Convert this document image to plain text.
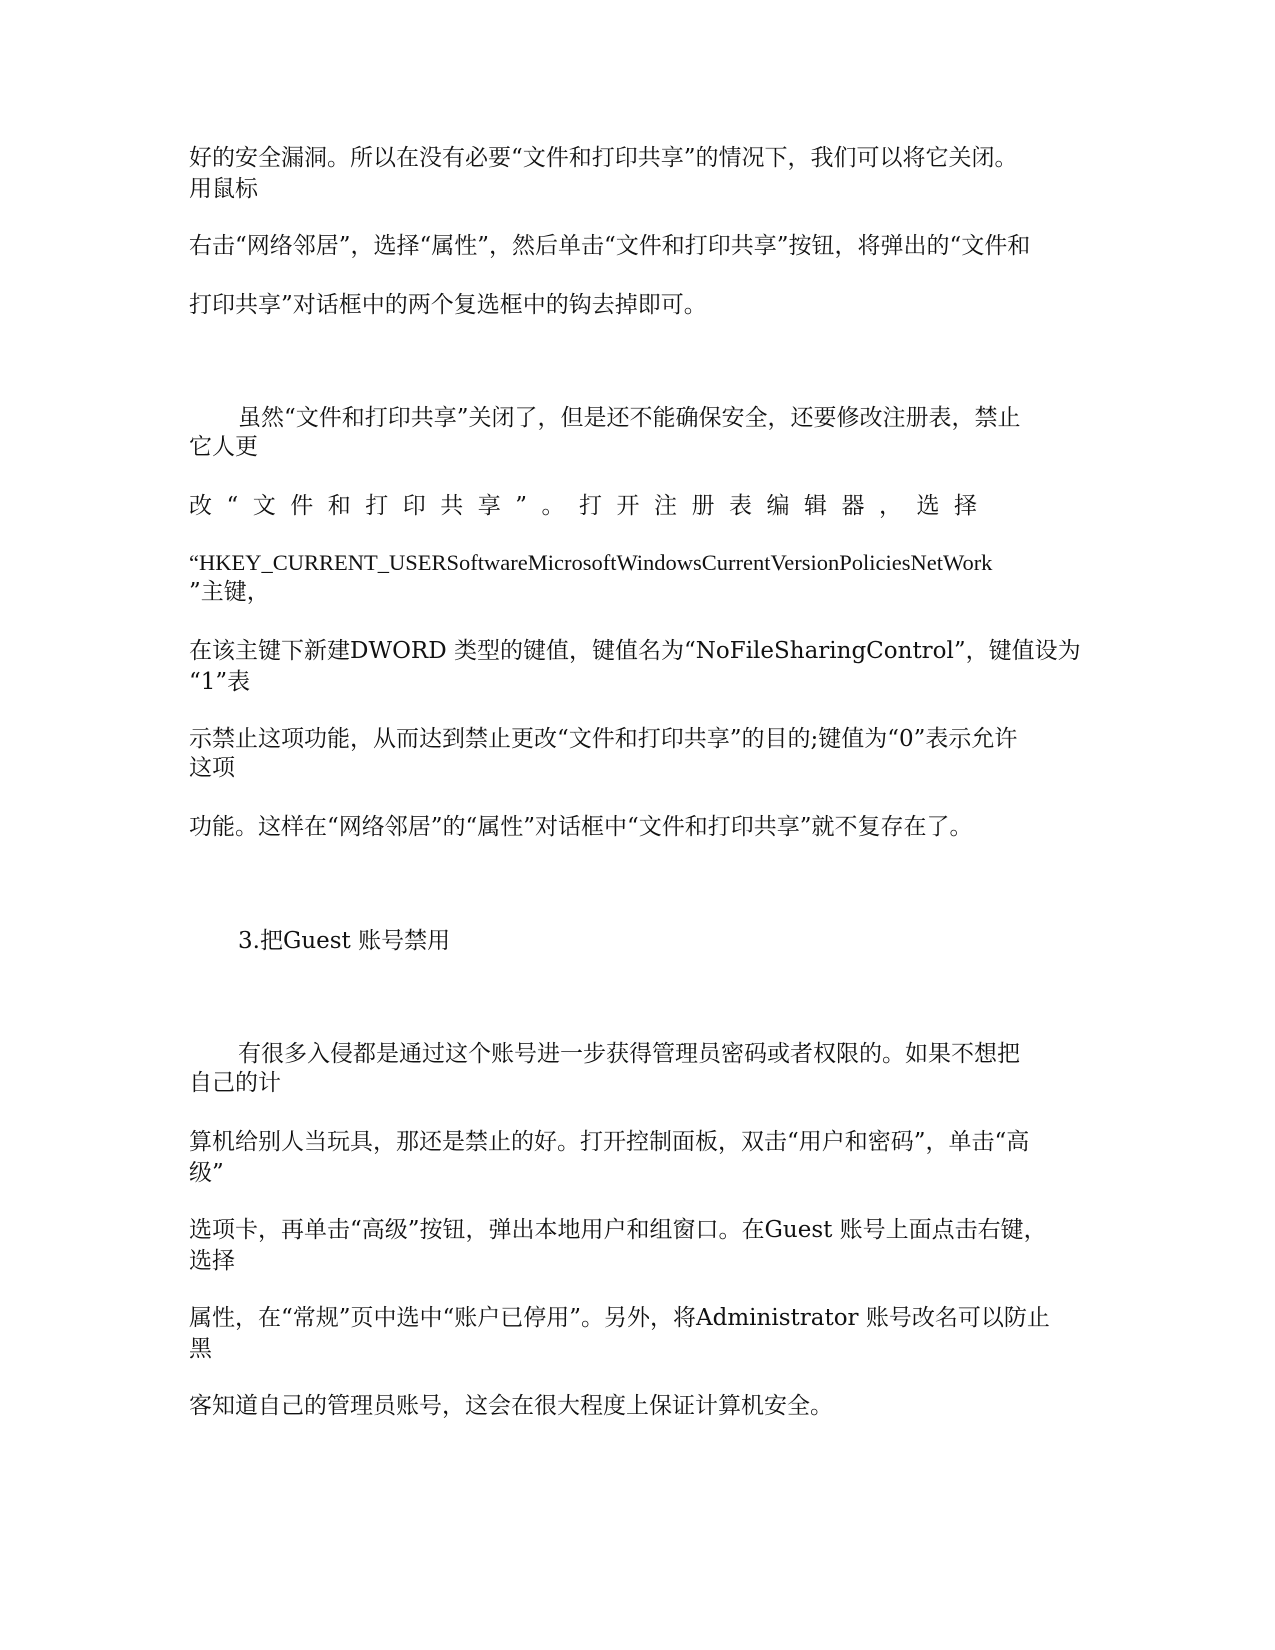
好的安全漏洞。所以在没有必要“文件和打印共享”的情况下，我们可以将它关闭。

用鼠标

右击“网络邻居”，选择“属性”，然后单击“文件和打印共享”按钮，将弹出的“文件和

打印共享”对话框中的两个复选框中的钩去掉即可。

虽然“文件和打印共享”关闭了，但是还不能确保安全，还要修改注册表，禁止

它人更

改“文件和打印共享”。打开注册表编辑器，选择

“HKEY_CURRENT_USERSoftwareMicrosoftWindowsCurrentVersionPoliciesNetWork

”主键，

在该主键下新建DWORD 类型的键值，键值名为“NoFileSharingControl”，键值设为

“1”表

示禁止这项功能，从而达到禁止更改“文件和打印共享”的目的;键值为“0”表示允许

这项

功能。这样在“网络邻居”的“属性”对话框中“文件和打印共享”就不复存在了。

3.把Guest 账号禁用

有很多入侵都是通过这个账号进一步获得管理员密码或者权限的。如果不想把

自己的计

算机给别人当玩具，那还是禁止的好。打开控制面板，双击“用户和密码”，单击“高

级”

选项卡，再单击“高级”按钮，弹出本地用户和组窗口。在Guest 账号上面点击右键，

选择

属性，在“常规”页中选中“账户已停用”。另外，将Administrator 账号改名可以防止

黑

客知道自己的管理员账号，这会在很大程度上保证计算机安全。
